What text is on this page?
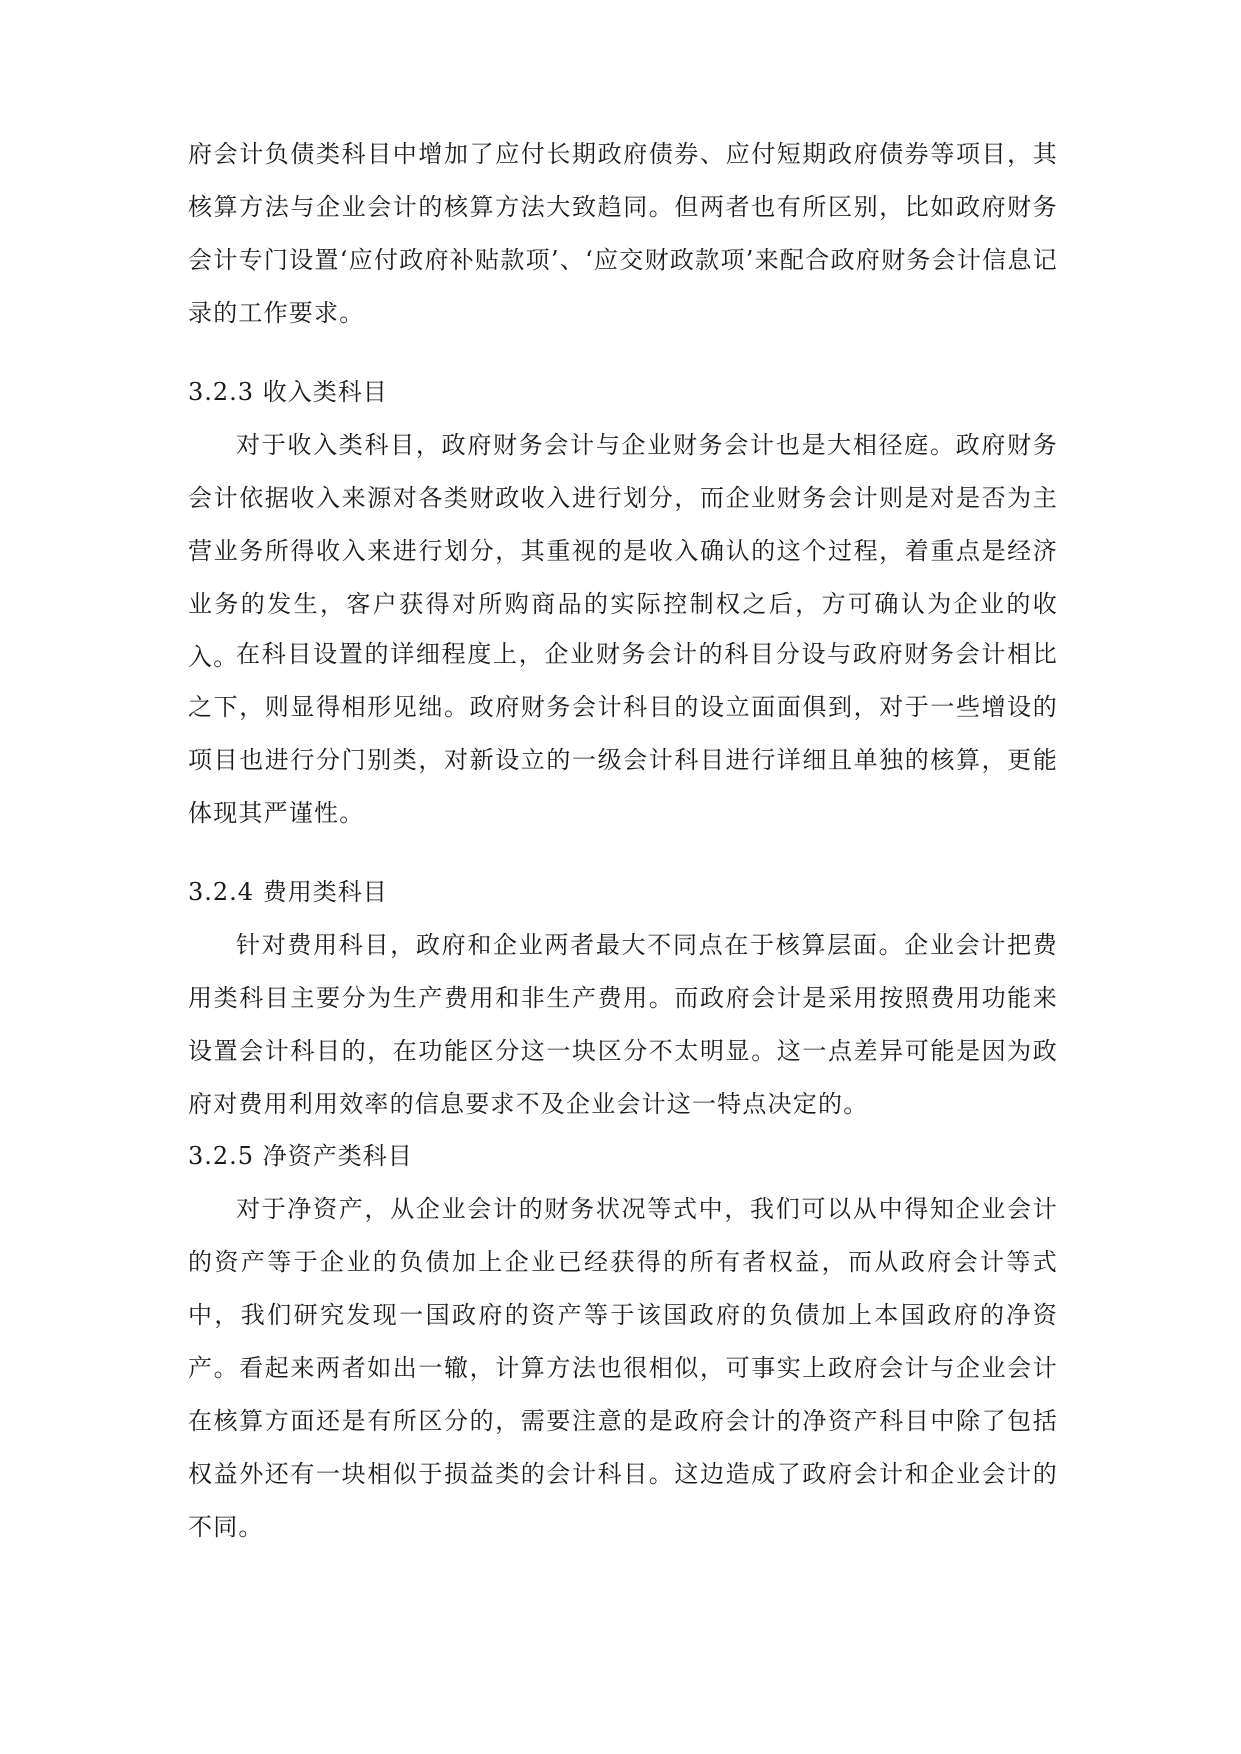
府会计负债类科目中增加了应付长期政府债券、应付短期政府债券等项目，其核算方法与企业会计的核算方法大致趋同。但两者也有所区别，比如政府财务会计专门设置‘应付政府补贴款项’、‘应交财政款项’来配合政府财务会计信息记录的工作要求。

3.2.3 收入类科目

对于收入类科目，政府财务会计与企业财务会计也是大相径庭。政府财务会计依据收入来源对各类财政收入进行划分，而企业财务会计则是对是否为主营业务所得收入来进行划分，其重视的是收入确认的这个过程，着重点是经济业务的发生，客户获得对所购商品的实际控制权之后，方可确认为企业的收入。

在科目设置的详细程度上，企业财务会计的科目分设与政府财务会计相比之下，则显得相形见绌。政府财务会计科目的设立面面俱到，对于一些增设的项目也进行分门别类，对新设立的一级会计科目进行详细且单独的核算，更能体现其严谨性。

3.2.4 费用类科目

针对费用科目，政府和企业两者最大不同点在于核算层面。企业会计把费用类科目主要分为生产费用和非生产费用。而政府会计是采用按照费用功能来设置会计科目的，在功能区分这一块区分不太明显。这一点差异可能是因为政府对费用利用效率的信息要求不及企业会计这一特点决定的。

3.2.5 净资产类科目

对于净资产，从企业会计的财务状况等式中，我们可以从中得知企业会计的资产等于企业的负债加上企业已经获得的所有者权益，而从政府会计等式中，我们研究发现一国政府的资产等于该国政府的负债加上本国政府的净资产。看起来两者如出一辙，计算方法也很相似，可事实上政府会计与企业会计在核算方面还是有所区分的，需要注意的是政府会计的净资产科目中除了包括权益外还有一块相似于损益类的会计科目。这边造成了政府会计和企业会计的不同。
